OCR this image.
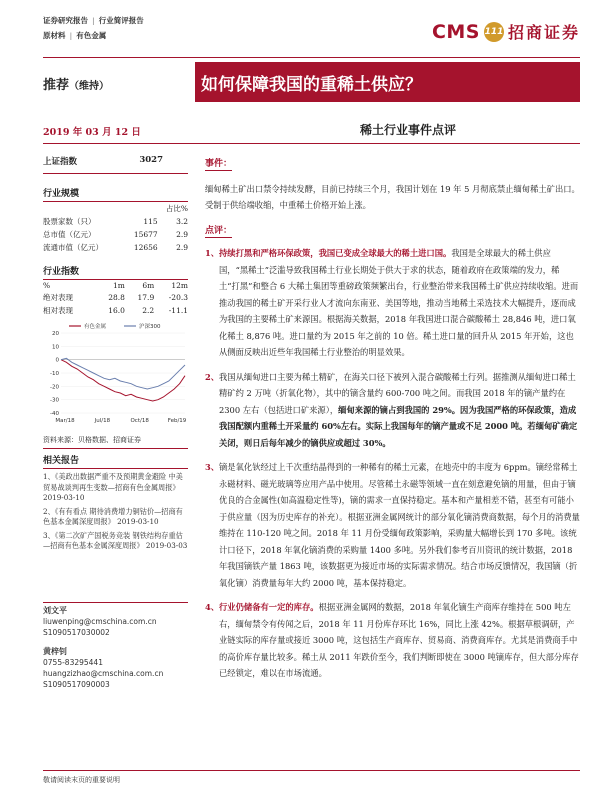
证券研究报告 | 行业简评报告
原材料 | 有色金属	CMS 111 招商证券
推荐（维持）	如何保障我国的重稀土供应？
2019 年 03 月 12 日	稀土行业事件点评
上证指数	3027
行业规模
		占比%
股票家数（只）	115	3.2
总市值（亿元）	15677	2.9
流通市值（亿元）	12656	2.9
行业指数
%	1m	6m	12m
绝对表现	28.8	17.9	-20.3
相对表现	16.0	2.2	-11.1
20
10
0
-10
-20
-30
-40
Mar/18	Jul/18	Oct/18	Feb/19
有色金属	沪深300
资料来源：贝格数据、招商证券
相关报告
1、《美政出数据严重不及预期黄金避险 中美贸易战谈判再生变数—招商有色金属周报》 2019-03-10
2、《有有看点 期待消费增力铜钴价—招商有色基本金属深度周报》 2019-03-10
3、《第二次矿产国税务竞装 钢铁结构存重估—招商有色基本金属深度周报》 2019-03-03
刘文平
liuwenping@cmschina.com.cn
S1090517030002
黄梓钊
0755-83295441
huangzizhao@cmschina.com.cn
S1090517090003
事件：
缅甸稀土矿出口禁令持续发酵，目前已持续三个月，我国计划在 19 年 5 月彻底禁止缅甸稀土矿出口。受制于供给端收缩，中重稀土价格开始上涨。
点评：
1、 持续打黑和严格环保政策，我国已变成全球最大的稀土进口国。我国是全球最大的稀土供应国，“黑稀土”泛滥导致我国稀土行业长期处于供大于求的状态，随着政府在政策端的发力，稀土“打黑”和整合 6 大稀土集团等重磅政策频繁出台，行业整治带来我国稀土矿供应持续收缩。进而推动我国的稀土矿开采行业人才流向东南亚、美国等地，推动当地稀土采选技术大幅提升，逐而成为我国的主要稀土矿来源国。根据海关数据，2018 年我国进口混合碳酸稀土 28,846 吨，进口氧化稀土 8,876 吨。进口量约为 2015 年之前的 10 倍。稀土进口量的回升从 2015 年开始，这也从侧面反映出近些年我国稀土行业整治的明显效果。
2、 我国从缅甸进口主要为稀土精矿，在海关口径下被列入混合碳酸稀土行列。据推测从缅甸进口稀土精矿约 2 万吨（折氧化物），其中的镝含量约 600-700 吨之间。而我国 2018 年的镝产量约在 2300 左右（包括进口矿来源），缅甸来源的镝占到我国的 29%。因为我国严格的环保政策，造成我国配额内重稀土开采量约 60%左右。实际上我国每年的镝产量或不足 2000 吨。若缅甸矿确定关闭，则日后每年减少的镝供应或超过 30%。
3、 镝是氧化钬经过上千次重结晶得到的一种稀有的稀土元素，在地壳中的丰度为 6ppm。镝经常稀土永磁材料、磁光玻璃等应用产品中使用。尽管稀土永磁等领域一直在刻意避免镝的用量，但由于镝优良的合金属性(如高温稳定性等)，镝的需求一直保持稳定。基本和产量相差不错，甚至有可能小于供应量（因为历史库存的补充）。根据亚洲金属网统计的部分氧化镝消费商数据，每个月的消费量维持在 110-120 吨之间。2018 年 11 月份受缅甸政策影响，采购量大幅增长到 170 多吨。该统计口径下，2018 年氧化镝消费的采购量 1400 多吨。另外我们参考百川资讯的统计数据，2018 年我国镝铁产量 1863 吨，该数据更为接近市场的实际需求情况。结合市场反馈情况，我国镝（折氧化镝）消费量每年大约 2000 吨，基本保持稳定。
4、 行业仍储备有一定的库存。根据亚洲金属网的数据，2018 年氧化镝生产商库存维持在 500 吨左右，缅甸禁令有传闻之后，2018 年 11 月份库存环比 16%，同比上涨 42%。根据草根调研，产业链实际的库存量或接近 3000 吨，这包括生产商库存、贸易商、消费商库存。尤其是消费商手中的高价库存量比较多。稀土从 2011 年跌价至今，我们判断即使在 3000 吨镝库存，但大部分库存已经锁定，难以在市场流通。
敬请阅读末页的重要说明
